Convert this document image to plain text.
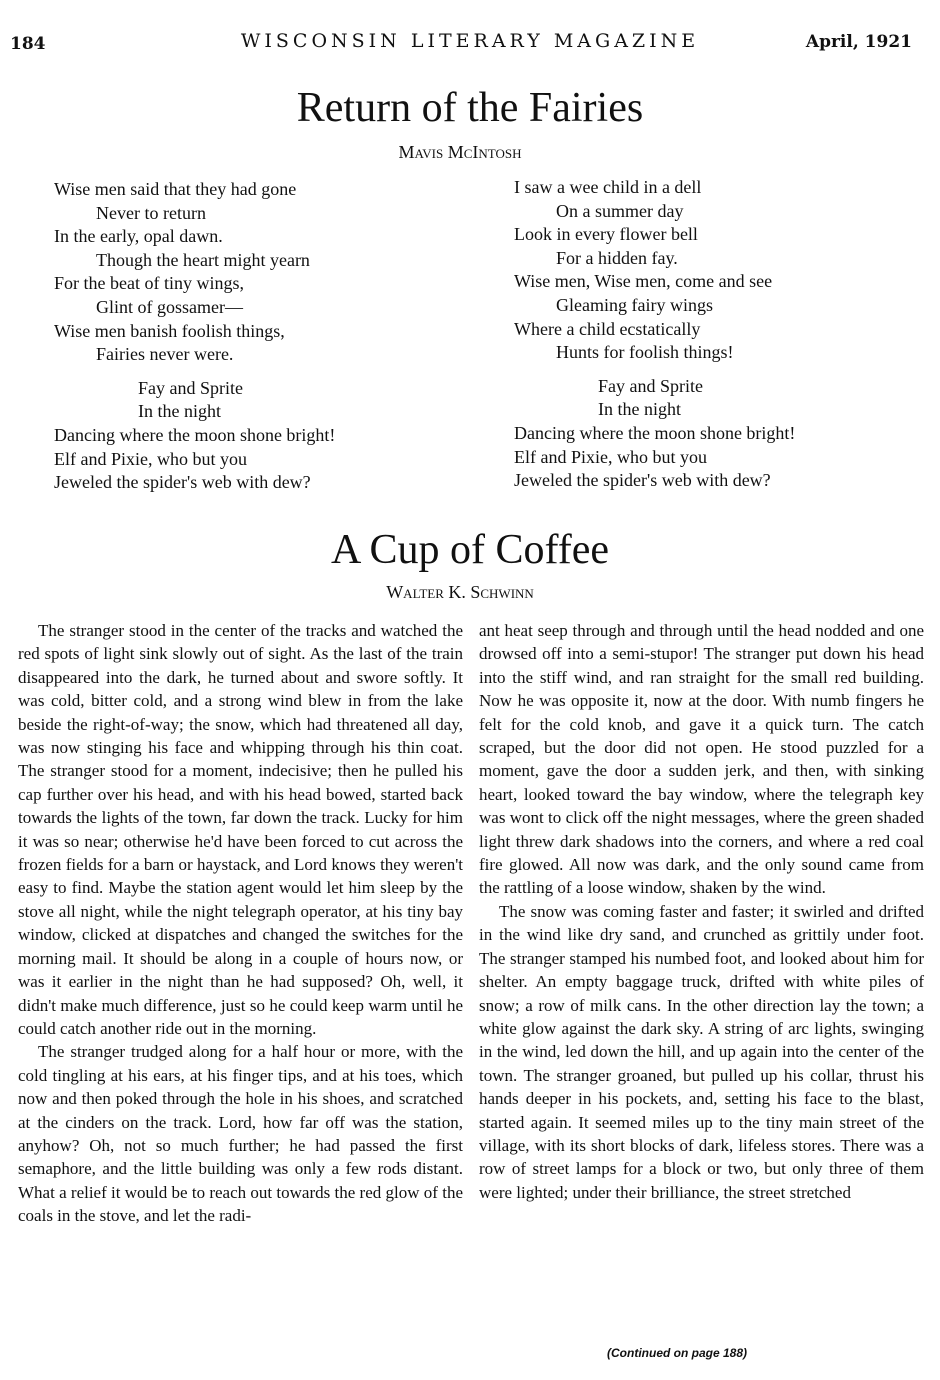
184	WISCONSIN LITERARY MAGAZINE	April, 1921
Return of the Fairies
Mavis McIntosh
Wise men said that they had gone
Never to return
In the early, opal dawn.
Though the heart might yearn
For the beat of tiny wings,
Glint of gossamer—
Wise men banish foolish things,
Fairies never were.
Fay and Sprite
In the night
Dancing where the moon shone bright!
Elf and Pixie, who but you
Jeweled the spider's web with dew?
I saw a wee child in a dell
On a summer day
Look in every flower bell
For a hidden fay.
Wise men, Wise men, come and see
Gleaming fairy wings
Where a child ecstatically
Hunts for foolish things!
Fay and Sprite
In the night
Dancing where the moon shone bright!
Elf and Pixie, who but you
Jeweled the spider's web with dew?
A Cup of Coffee
Walter K. Schwinn

The stranger stood in the center of the tracks and watched the red spots of light sink slowly out of sight. As the last of the train disappeared into the dark, he turned about and swore softly. It was cold, bitter cold, and a strong wind blew in from the lake beside the right-of-way; the snow, which had threatened all day, was now stinging his face and whipping through his thin coat. The stranger stood for a moment, indecisive; then he pulled his cap further over his head, and with his head bowed, started back towards the lights of the town, far down the track. Lucky for him it was so near; otherwise he'd have been forced to cut across the frozen fields for a barn or haystack, and Lord knows they weren't easy to find. Maybe the station agent would let him sleep by the stove all night, while the night telegraph operator, at his tiny bay window, clicked at dispatches and changed the switches for the morning mail. It should be along in a couple of hours now, or was it earlier in the night than he had supposed? Oh, well, it didn't make much difference, just so he could keep warm until he could catch another ride out in the morning.

The stranger trudged along for a half hour or more, with the cold tingling at his ears, at his finger tips, and at his toes, which now and then poked through the hole in his shoes, and scratched at the cinders on the track. Lord, how far off was the station, anyhow? Oh, not so much further; he had passed the first semaphore, and the little building was only a few rods distant. What a relief it would be to reach out towards the red glow of the coals in the stove, and let the radi-

ant heat seep through and through until the head nodded and one drowsed off into a semi-stupor! The stranger put down his head into the stiff wind, and ran straight for the small red building. Now he was opposite it, now at the door. With numb fingers he felt for the cold knob, and gave it a quick turn. The catch scraped, but the door did not open. He stood puzzled for a moment, gave the door a sudden jerk, and then, with sinking heart, looked toward the bay window, where the telegraph key was wont to click off the night messages, where the green shaded light threw dark shadows into the corners, and where a red coal fire glowed. All now was dark, and the only sound came from the rattling of a loose window, shaken by the wind.

The snow was coming faster and faster; it swirled and drifted in the wind like dry sand, and crunched as grittily under foot. The stranger stamped his numbed foot, and looked about him for shelter. An empty baggage truck, drifted with white piles of snow; a row of milk cans. In the other direction lay the town; a white glow against the dark sky. A string of arc lights, swinging in the wind, led down the hill, and up again into the center of the town. The stranger groaned, but pulled up his collar, thrust his hands deeper in his pockets, and, setting his face to the blast, started again. It seemed miles up to the tiny main street of the village, with its short blocks of dark, lifeless stores. There was a row of street lamps for a block or two, but only three of them were lighted; under their brilliance, the street stretched

(Continued on page 188)
